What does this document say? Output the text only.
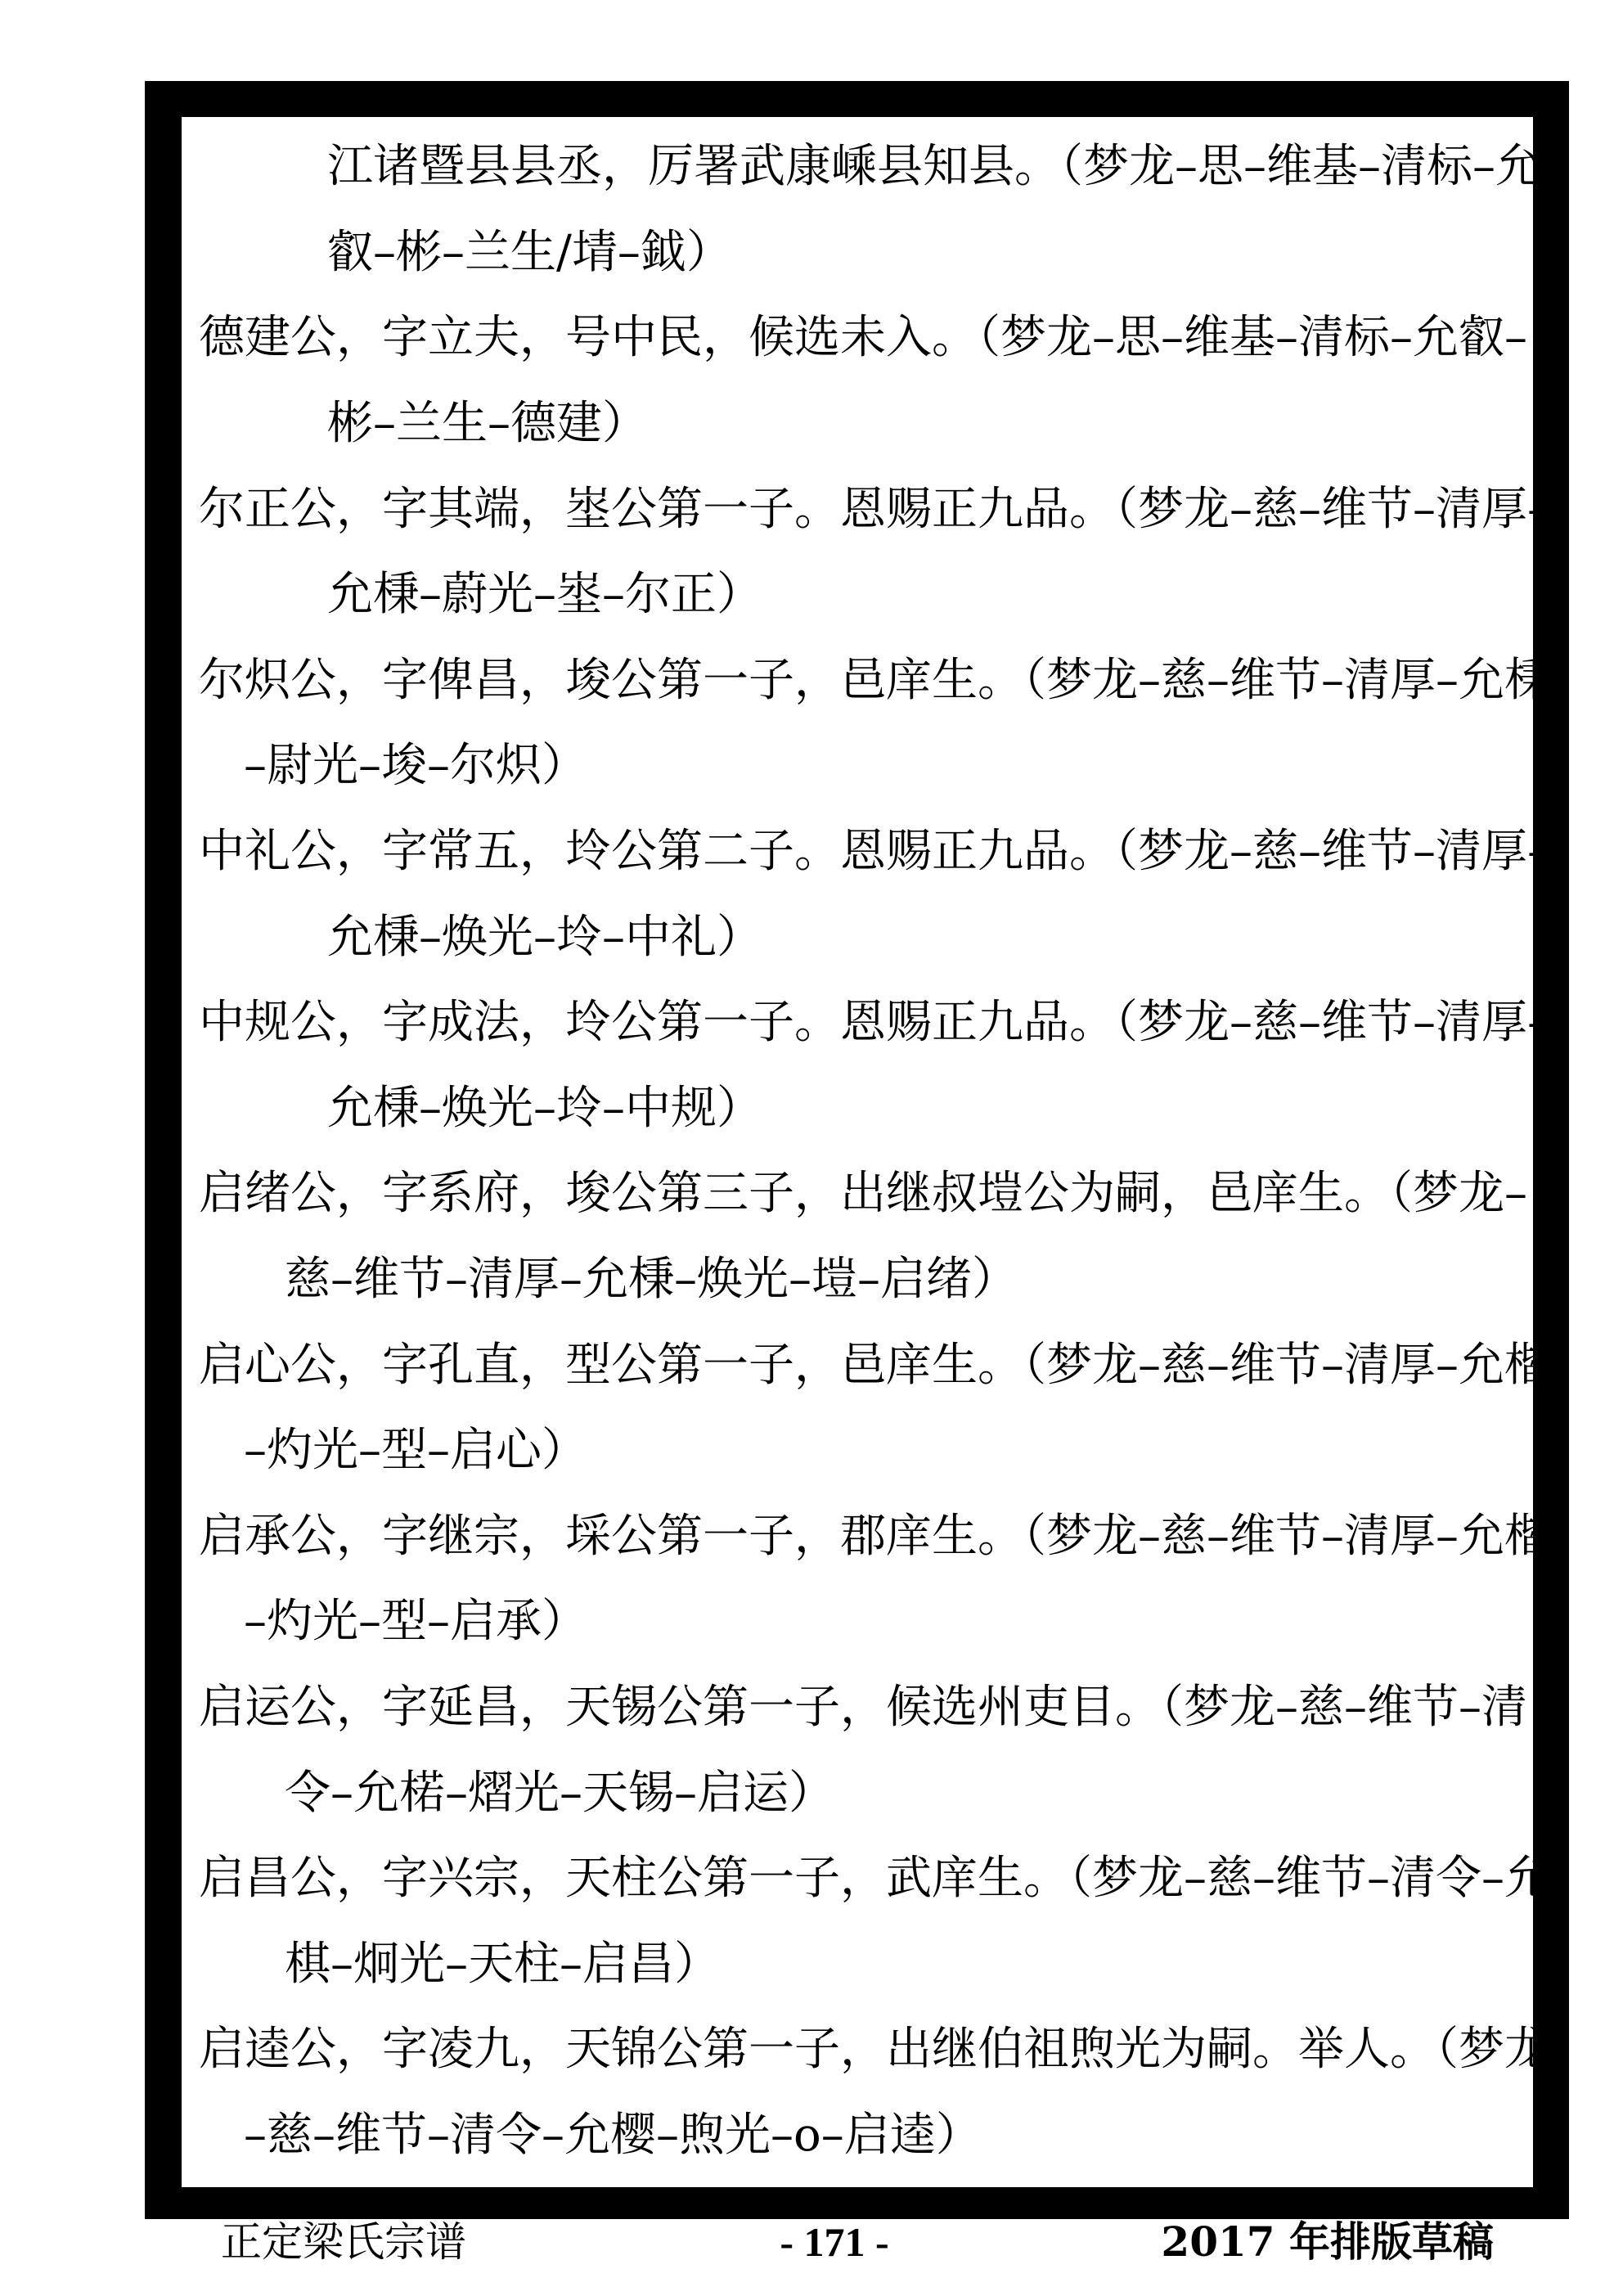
江诸暨县县丞，厉署武康嵊县知县。（梦龙–思–维基–清标–允
叡–彬–兰生/埥–鉞）
德建公，字立夫，号中民，候选未入。（梦龙–思–维基–清标–允叡–
彬–兰生–德建）
尔正公，字其端，埊公第一子。恩赐正九品。（梦龙–慈–维节–清厚–
允棅–蔚光–埊–尔正）
尔炽公，字俾昌，埈公第一子，邑庠生。（梦龙–慈–维节–清厚–允棅
–尉光–埈–尔炽）
中礼公，字常五，坽公第二子。恩赐正九品。（梦龙–慈–维节–清厚–
允棅–焕光–坽–中礼）
中规公，字成法，坽公第一子。恩赐正九品。（梦龙–慈–维节–清厚–
允棅–焕光–坽–中规）
启绪公，字系府，埈公第三子，出继叔塏公为嗣，邑庠生。（梦龙–
慈–维节–清厚–允棅–焕光–塏–启绪）
启心公，字孔直，型公第一子，邑庠生。（梦龙–慈–维节–清厚–允楷
–灼光–型–启心）
启承公，字继宗，埰公第一子，郡庠生。（梦龙–慈–维节–清厚–允楷
–灼光–型–启承）
启运公，字延昌，天锡公第一子，候选州吏目。（梦龙–慈–维节–清
令–允楉–熠光–天锡–启运）
启昌公，字兴宗，天柱公第一子，武庠生。（梦龙–慈–维节–清令–允
棋–炯光–天柱–启昌）
启逵公，字凌九，天锦公第一子，出继伯祖煦光为嗣。举人。（梦龙
–慈–维节–清令–允樱–煦光–o–启逵）
正定梁氏宗谱	- 171 -	2017 年排版草稿
